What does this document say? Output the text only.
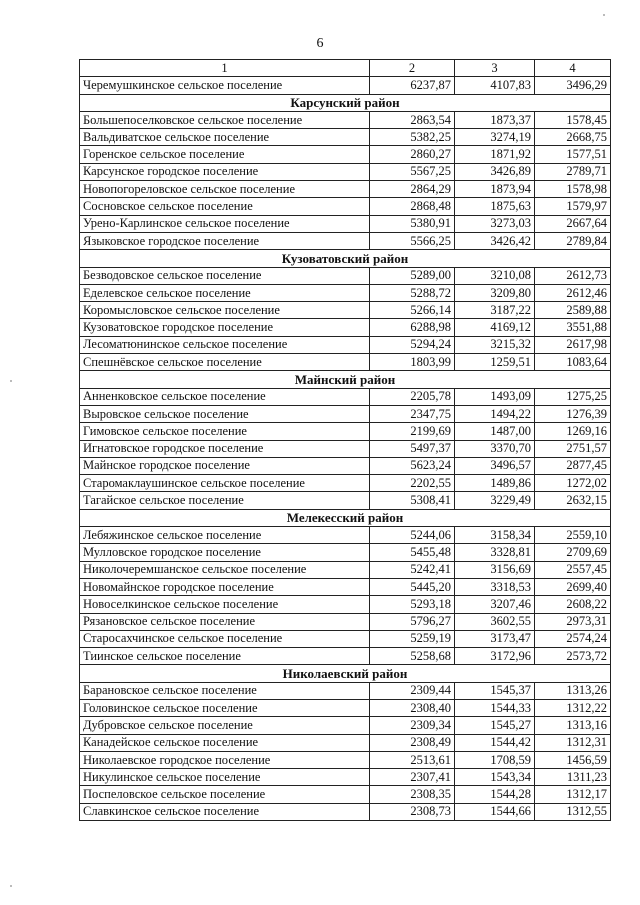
6
1	2	3	4
Черемушкинское сельское поселение	6237,87	4107,83	3496,29
Карсунский район			
Большепоселковское сельское поселение	2863,54	1873,37	1578,45
Вальдиватское сельское поселение	5382,25	3274,19	2668,75
Горенское сельское поселение	2860,27	1871,92	1577,51
Карсунское городское поселение	5567,25	3426,89	2789,71
Новопогореловское сельское поселение	2864,29	1873,94	1578,98
Сосновское сельское поселение	2868,48	1875,63	1579,97
Урено-Карлинское сельское поселение	5380,91	3273,03	2667,64
Языковское городское поселение	5566,25	3426,42	2789,84
Кузоватовский район			
Безводовское сельское поселение	5289,00	3210,08	2612,73
Еделевское сельское поселение	5288,72	3209,80	2612,46
Коромысловское сельское поселение	5266,14	3187,22	2589,88
Кузоватовское городское поселение	6288,98	4169,12	3551,88
Лесоматюнинское сельское поселение	5294,24	3215,32	2617,98
Спешнёвское сельское поселение	1803,99	1259,51	1083,64
Майнский район			
Анненковское сельское поселение	2205,78	1493,09	1275,25
Выровское сельское поселение	2347,75	1494,22	1276,39
Гимовское сельское поселение	2199,69	1487,00	1269,16
Игнатовское городское поселение	5497,37	3370,70	2751,57
Майнское городское поселение	5623,24	3496,57	2877,45
Старомаклаушинское сельское поселение	2202,55	1489,86	1272,02
Тагайское сельское поселение	5308,41	3229,49	2632,15
Мелекесский район			
Лебяжинское сельское поселение	5244,06	3158,34	2559,10
Мулловское городское поселение	5455,48	3328,81	2709,69
Николочеремшанское сельское поселение	5242,41	3156,69	2557,45
Новомайнское городское поселение	5445,20	3318,53	2699,40
Новоселкинское сельское поселение	5293,18	3207,46	2608,22
Рязановское сельское поселение	5796,27	3602,55	2973,31
Старосахчинское сельское поселение	5259,19	3173,47	2574,24
Тиинское сельское поселение	5258,68	3172,96	2573,72
Николаевский район			
Барановское сельское поселение	2309,44	1545,37	1313,26
Головинское сельское поселение	2308,40	1544,33	1312,22
Дубровское сельское поселение	2309,34	1545,27	1313,16
Канадейское сельское поселение	2308,49	1544,42	1312,31
Николаевское городское поселение	2513,61	1708,59	1456,59
Никулинское сельское поселение	2307,41	1543,34	1311,23
Поспеловское сельское поселение	2308,35	1544,28	1312,17
Славкинское сельское поселение	2308,73	1544,66	1312,55
